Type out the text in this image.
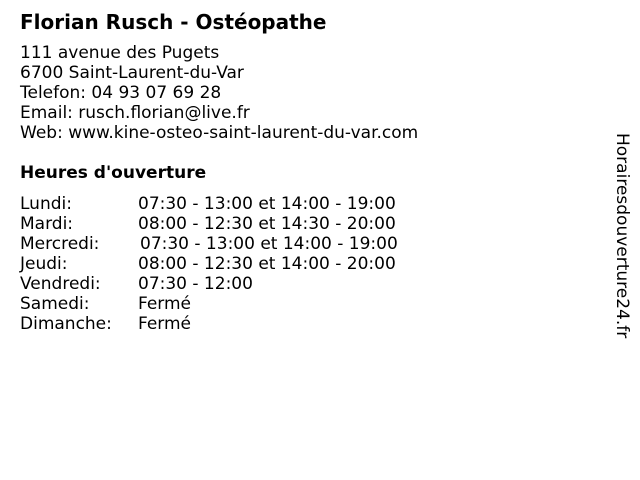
Florian Rusch - Ostéopathe
111 avenue des Pugets
6700 Saint-Laurent-du-Var
Telefon: 04 93 07 69 28
Email: rusch.florian@live.fr
Web: www.kine-osteo-saint-laurent-du-var.com
Heures d'ouverture
Lundi:	07:30 - 13:00 et 14:00 - 19:00
Mardi:	08:00 - 12:30 et 14:30 - 20:00
Mercredi: 07:30 - 13:00 et 14:00 - 19:00
Jeudi:	08:00 - 12:30 et 14:00 - 20:00
Vendredi: 07:30 - 12:00
Samedi:	Fermé
Dimanche: Fermé	Horairesdouverture24.fr
